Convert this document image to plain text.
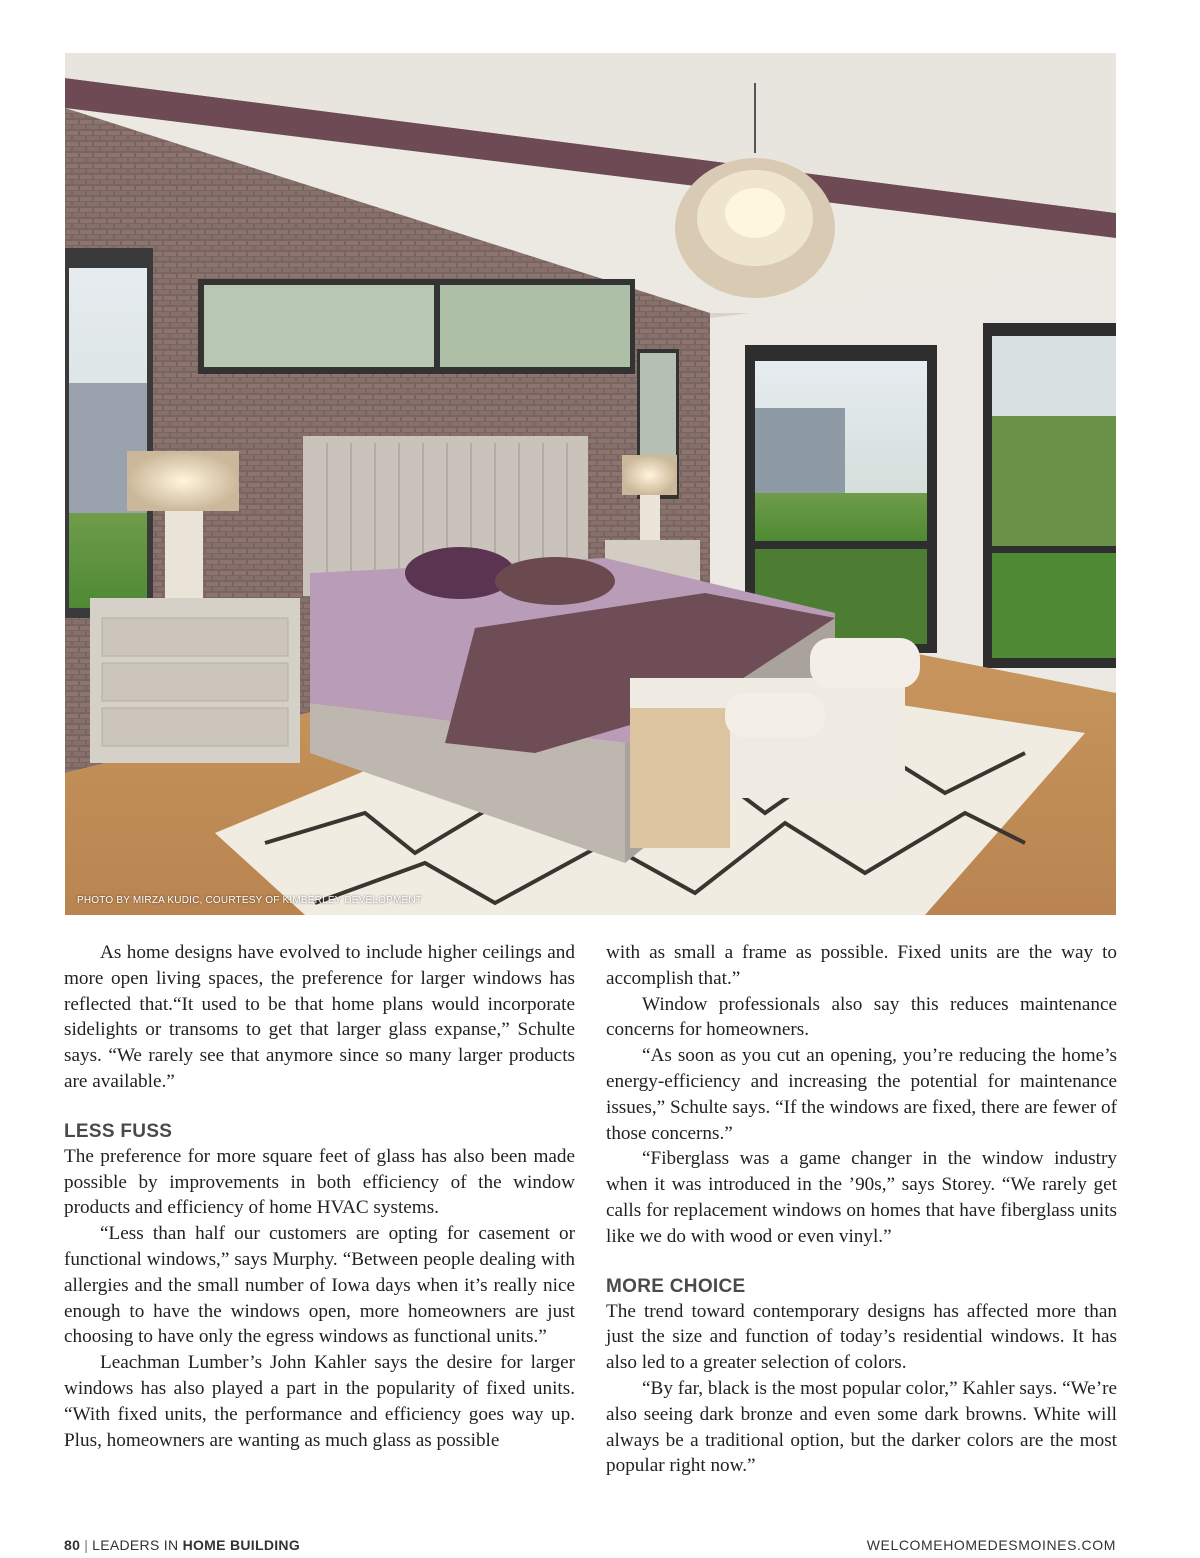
PHOTO BY MIRZA KUDIC, COURTESY OF KIMBERLEY DEVELOPMENT

As home designs have evolved to include higher ceilings and more open living spaces, the preference for larger windows has reflected that.“It used to be that home plans would incorporate sidelights or transoms to get that larger glass expanse,” Schulte says. “We rarely see that anymore since so many larger products are available.”

LESS FUSS

The preference for more square feet of glass has also been made possible by improvements in both efficiency of the window products and efficiency of home HVAC systems.

“Less than half our customers are opting for casement or functional windows,” says Murphy. “Between people dealing with allergies and the small number of Iowa days when it’s really nice enough to have the windows open, more homeowners are just choosing to have only the egress windows as functional units.”

Leachman Lumber’s John Kahler says the desire for larger windows has also played a part in the popularity of fixed units. “With fixed units, the performance and efficiency goes way up. Plus, homeowners are wanting as much glass as possible

with as small a frame as possible. Fixed units are the way to accomplish that.”

Window professionals also say this reduces maintenance concerns for homeowners.

“As soon as you cut an opening, you’re reducing the home’s energy-efficiency and increasing the potential for maintenance issues,” Schulte says. “If the windows are fixed, there are fewer of those concerns.”

“Fiberglass was a game changer in the window industry when it was introduced in the ’90s,” says Storey. “We rarely get calls for replacement windows on homes that have fiberglass units like we do with wood or even vinyl.”

MORE CHOICE

The trend toward contemporary designs has affected more than just the size and function of today’s residential windows. It has also led to a greater selection of colors.

“By far, black is the most popular color,” Kahler says. “We’re also seeing dark bronze and even some dark browns. White will always be a traditional option, but the darker colors are the most popular right now.”

80 | LEADERS IN HOME BUILDING	WELCOMEHOMEDESMOINES.COM
